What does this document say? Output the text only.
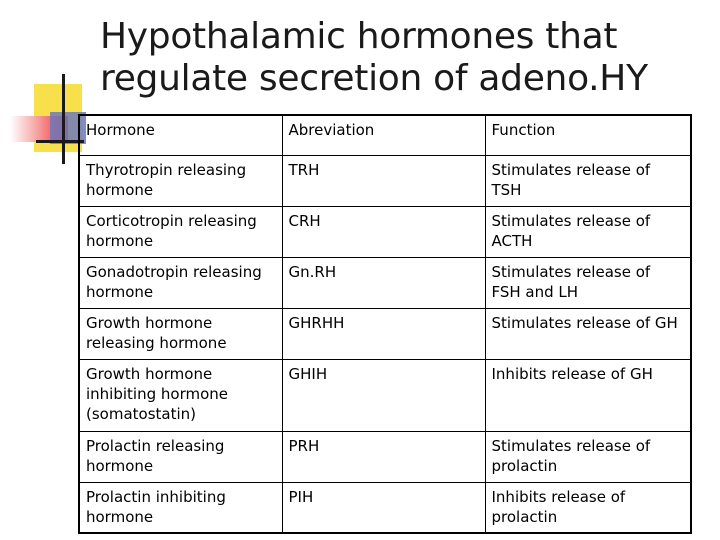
Hypothalamic hormones that
regulate secretion of adeno.HY
Hormone	Abreviation	Function
Thyrotropin releasing hormone	TRH	Stimulates release of TSH
Corticotropin releasing hormone	CRH	Stimulates release of ACTH
Gonadotropin releasing hormone	Gn.RH	Stimulates release of FSH and LH
Growth hormone releasing hormone	GHRHH	Stimulates release of GH
Growth hormone inhibiting hormone (somatostatin)	GHIH	Inhibits release of GH
Prolactin releasing hormone	PRH	Stimulates release of prolactin
Prolactin inhibiting hormone	PIH	Inhibits release of prolactin
